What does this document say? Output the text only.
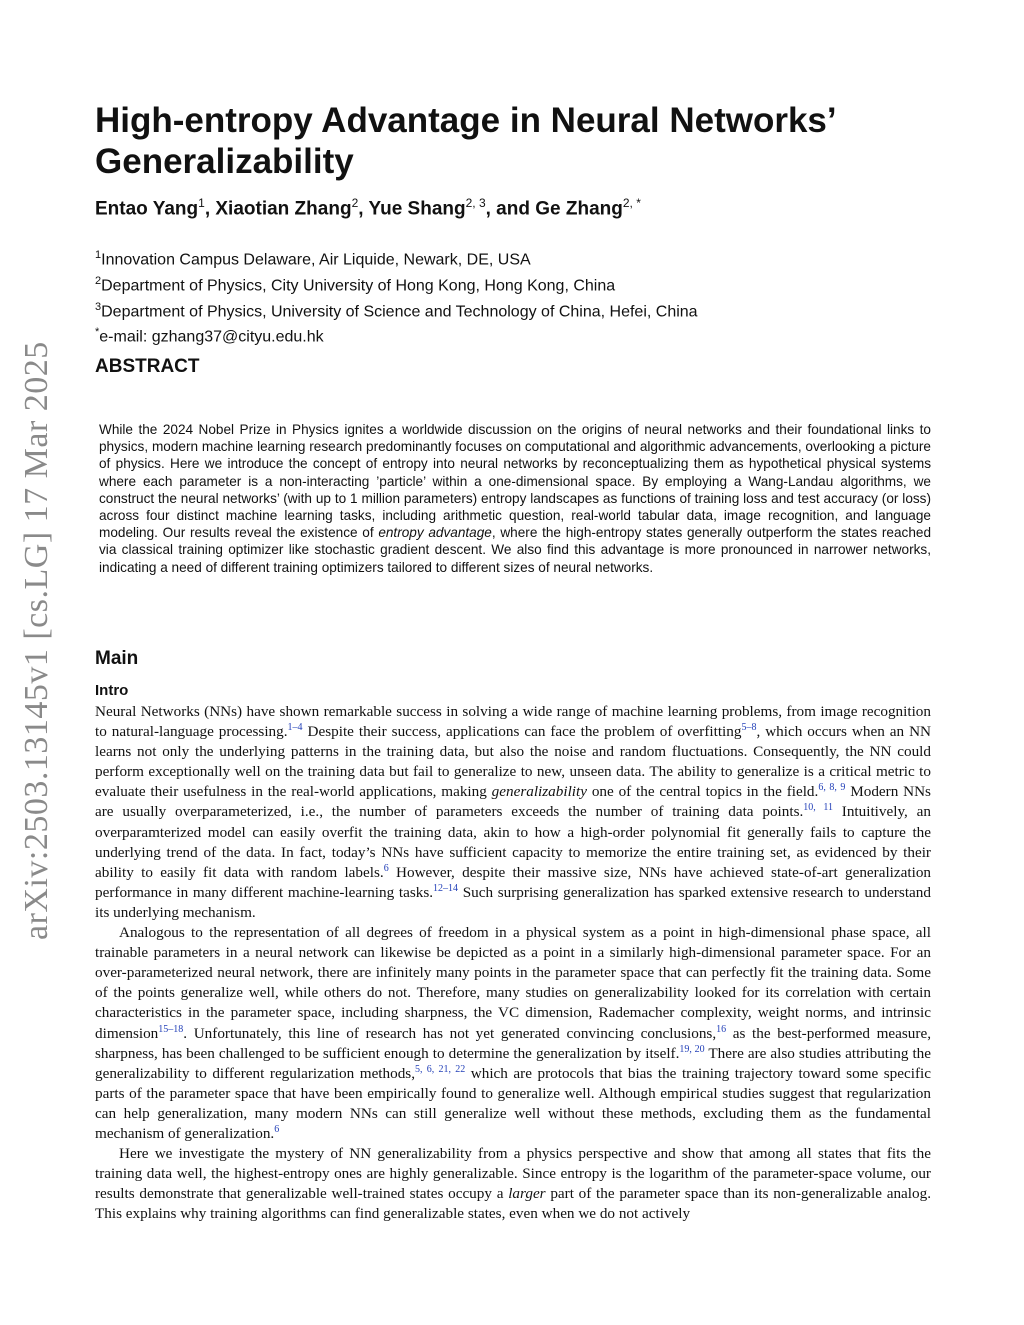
arXiv:2503.13145v1 [cs.LG] 17 Mar 2025
High-entropy Advantage in Neural Networks’ Generalizability
Entao Yang$^1$, Xiaotian Zhang$^2$, Yue Shang$^{2, 3}$, and Ge Zhang$^{2, *}$
$^1$Innovation Campus Delaware, Air Liquide, Newark, DE, USA
$^2$Department of Physics, City University of Hong Kong, Hong Kong, China
$^3$Department of Physics, University of Science and Technology of China, Hefei, China
*e-mail: gzhang37@cityu.edu.hk
ABSTRACT

While the 2024 Nobel Prize in Physics ignites a worldwide discussion on the origins of neural networks and their foundational links to physics, modern machine learning research predominantly focuses on computational and algorithmic advancements, overlooking a picture of physics. Here we introduce the concept of entropy into neural networks by reconceptualizing them as hypothetical physical systems where each parameter is a non-interacting ’particle’ within a one-dimensional space. By employing a Wang-Landau algorithms, we construct the neural networks’ (with up to 1 million parameters) entropy landscapes as functions of training loss and test accuracy (or loss) across four distinct machine learning tasks, including arithmetic question, real-world tabular data, image recognition, and language modeling. Our results reveal the existence of entropy advantage, where the high-entropy states generally outperform the states reached via classical training optimizer like stochastic gradient descent. We also find this advantage is more pronounced in narrower networks, indicating a need of different training optimizers tailored to different sizes of neural networks.

Main
Intro

Neural Networks (NNs) have shown remarkable success in solving a wide range of machine learning problems, from image recognition to natural-language processing.$^{1-4}$ Despite their success, applications can face the problem of overfitting$^{5-8}$, which occurs when an NN learns not only the underlying patterns in the training data, but also the noise and random fluctuations. Consequently, the NN could perform exceptionally well on the training data but fail to generalize to new, unseen data. The ability to generalize is a critical metric to evaluate their usefulness in the real-world applications, making generalizability one of the central topics in the field.$^{6, 8, 9}$ Modern NNs are usually overparameterized, i.e., the number of parameters exceeds the number of training data points.$^{10, 11}$ Intuitively, an overparamterized model can easily overfit the training data, akin to how a high-order polynomial fit generally fails to capture the underlying trend of the data. In fact, today’s NNs have sufficient capacity to memorize the entire training set, as evidenced by their ability to easily fit data with random labels.$^6$ However, despite their massive size, NNs have achieved state-of-art generalization performance in many different machine-learning tasks.$^{12-14}$ Such surprising generalization has sparked extensive research to understand its underlying mechanism.

Analogous to the representation of all degrees of freedom in a physical system as a point in high-dimensional phase space, all trainable parameters in a neural network can likewise be depicted as a point in a similarly high-dimensional parameter space. For an over-parameterized neural network, there are infinitely many points in the parameter space that can perfectly fit the training data. Some of the points generalize well, while others do not. Therefore, many studies on generalizability looked for its correlation with certain characteristics in the parameter space, including sharpness, the VC dimension, Rademacher complexity, weight norms, and intrinsic dimension$^{15-18}$. Unfortunately, this line of research has not yet generated convincing conclusions,$^{16}$ as the best-performed measure, sharpness, has been challenged to be sufficient enough to determine the generalization by itself.$^{19, 20}$ There are also studies attributing the generalizability to different regularization methods,$^{5, 6, 21, 22}$ which are protocols that bias the training trajectory toward some specific parts of the parameter space that have been empirically found to generalize well. Although empirical studies suggest that regularization can help generalization, many modern NNs can still generalize well without these methods, excluding them as the fundamental mechanism of generalization.$^6$

Here we investigate the mystery of NN generalizability from a physics perspective and show that among all states that fits the training data well, the highest-entropy ones are highly generalizable. Since entropy is the logarithm of the parameter-space volume, our results demonstrate that generalizable well-trained states occupy a larger part of the parameter space than its non-generalizable analog. This explains why training algorithms can find generalizable states, even when we do not actively
